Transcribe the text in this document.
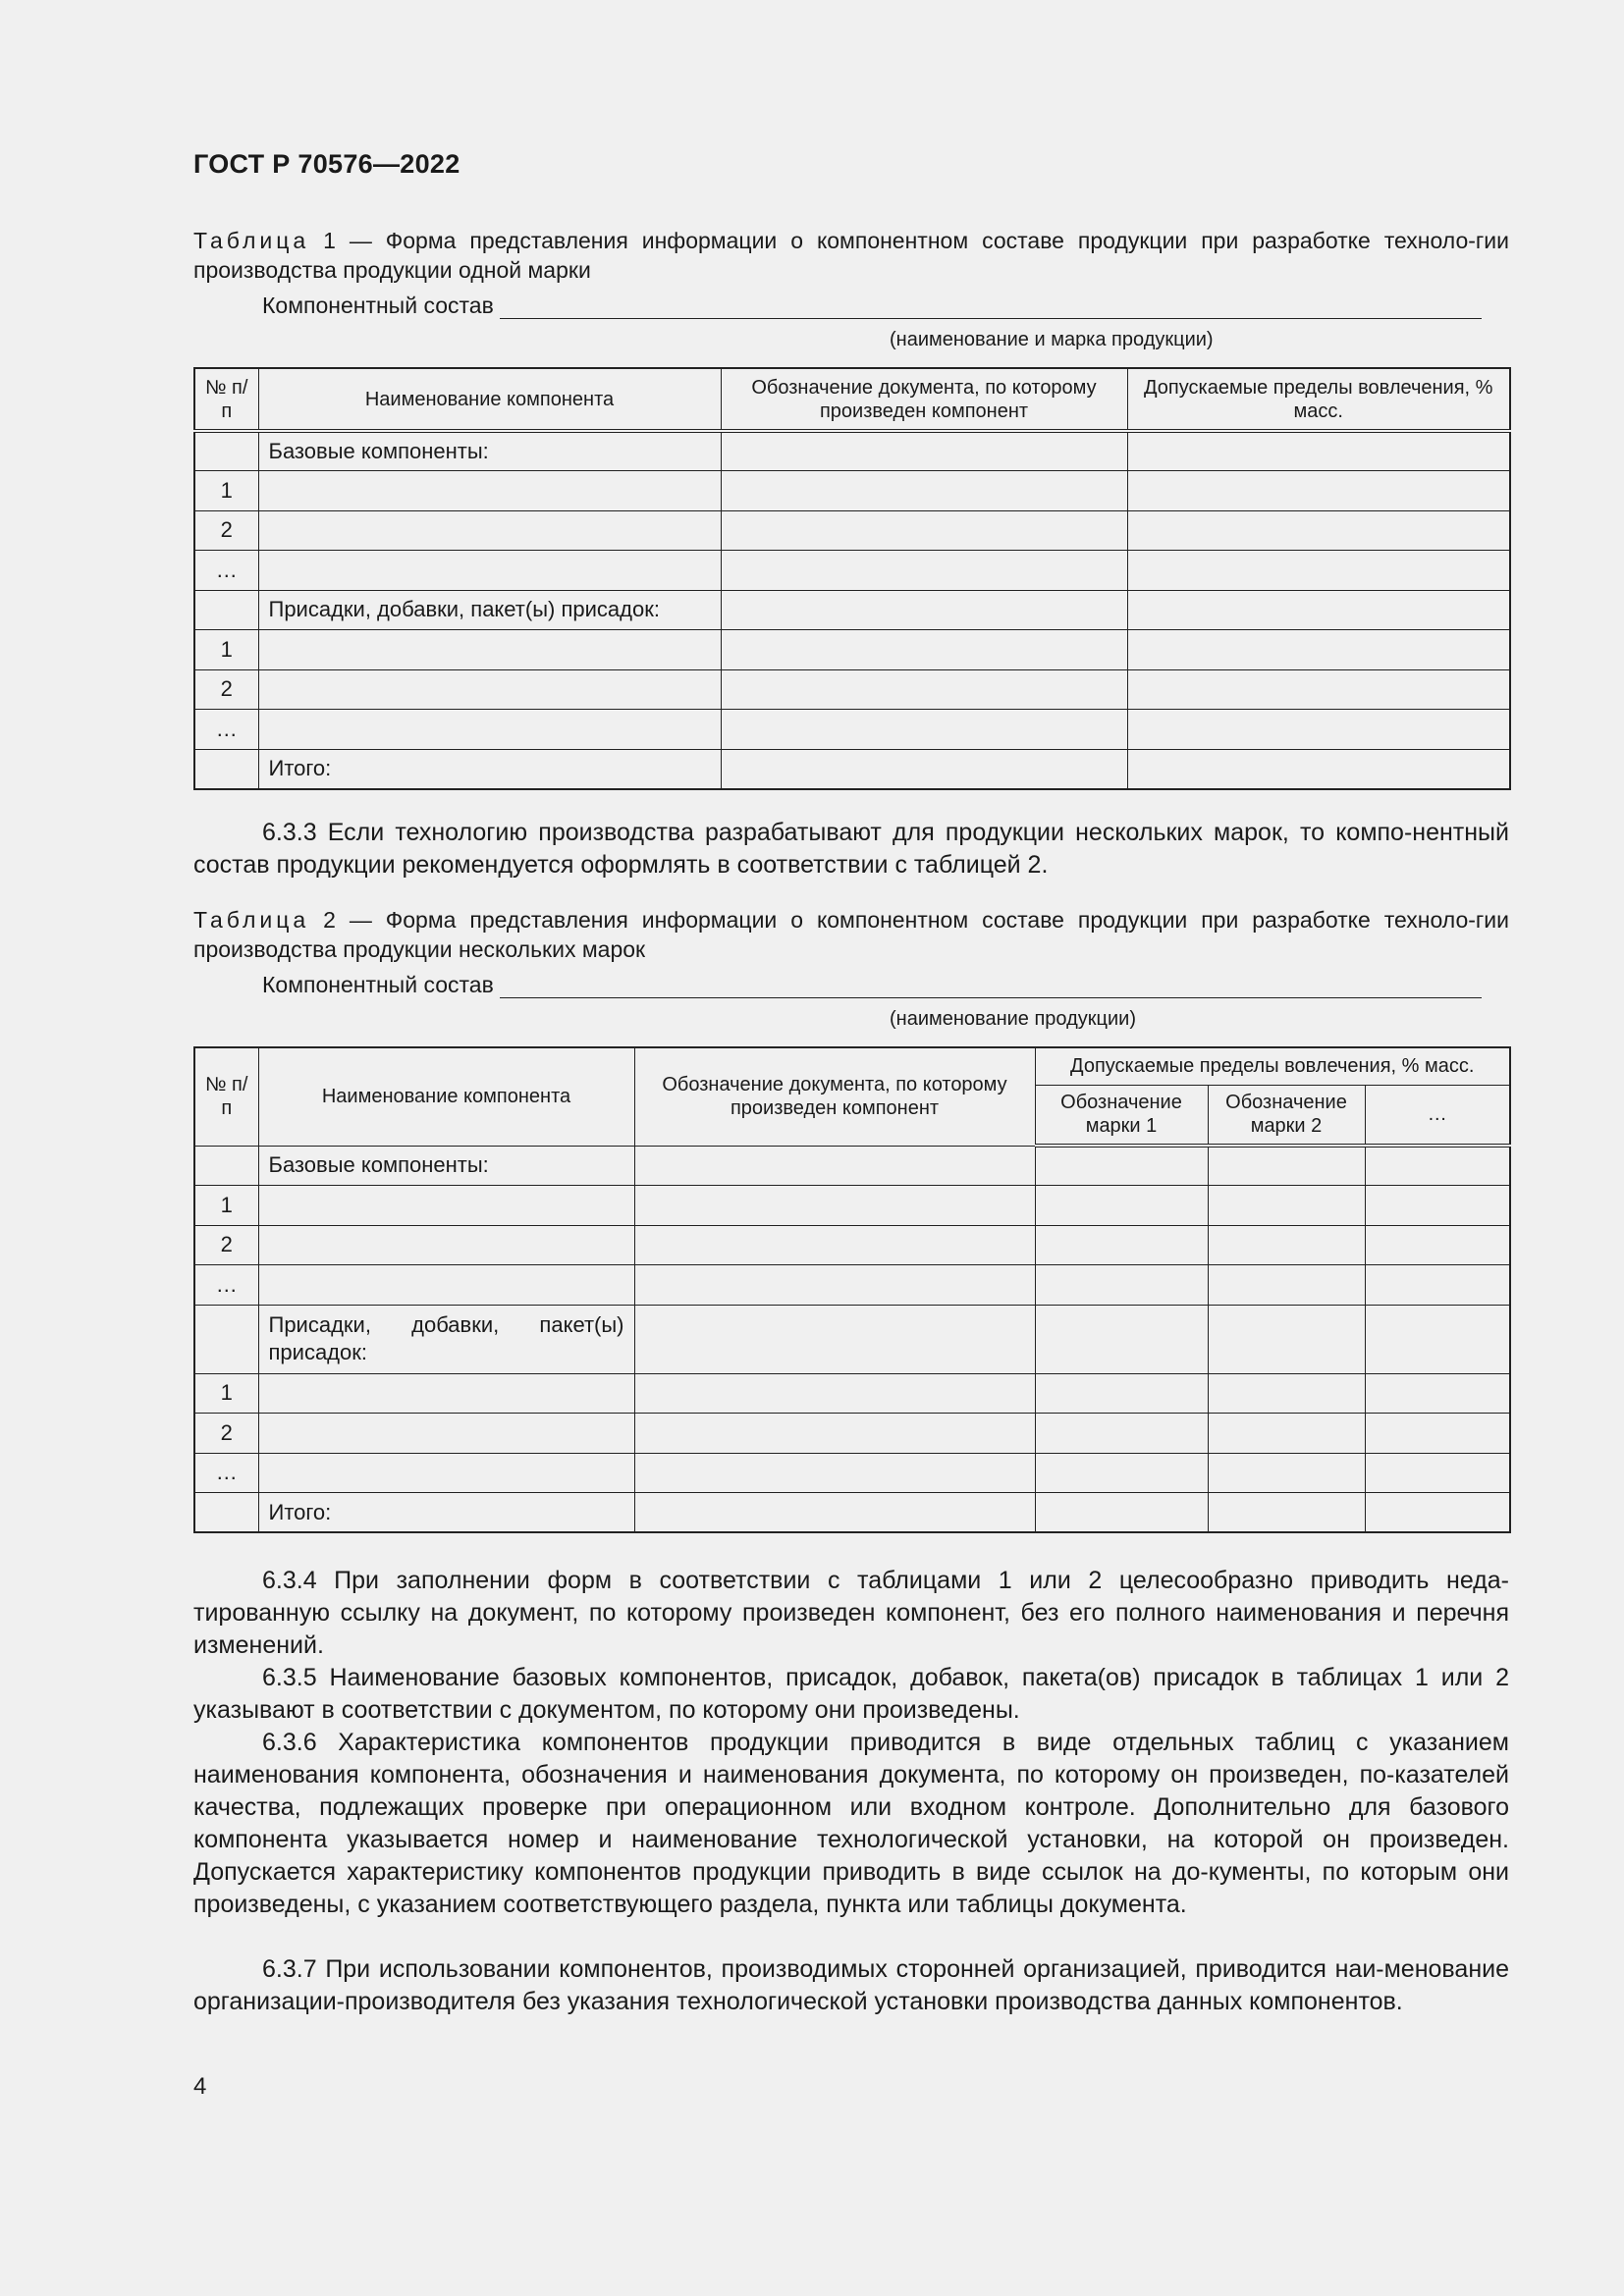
ГОСТ Р 70576—2022
Таблица 1 — Форма представления информации о компонентном составе продукции при разработке техноло-гии производства продукции одной марки
Компонентный состав
(наименование и марка продукции)
№ п/п	Наименование компонента	Обозначение документа, по которому произведен компонент	Допускаемые пределы вовлечения, % масс.
	Базовые компоненты:		
1			
2			
…			
	Присадки, добавки, пакет(ы) присадок:		
1			
2			
…			
	Итого:		
6.3.3 Если технологию производства разрабатывают для продукции нескольких марок, то компо-нентный состав продукции рекомендуется оформлять в соответствии с таблицей 2.
Таблица 2 — Форма представления информации о компонентном составе продукции при разработке техноло-гии производства продукции нескольких марок
Компонентный состав
(наименование продукции)
№ п/п	Наименование компонента	Обозначение документа, по которому произведен компонент	Допускаемые пределы вовлечения, % масс.		
			Обозначение марки 1	Обозначение марки 2	…
	Базовые компоненты:				
1					
2					
…					
	Присадки, добавки, пакет(ы) присадок:				
1					
2					
…					
	Итого:				
6.3.4 При заполнении форм в соответствии с таблицами 1 или 2 целесообразно приводить неда-тированную ссылку на документ, по которому произведен компонент, без его полного наименования и перечня изменений.
6.3.5 Наименование базовых компонентов, присадок, добавок, пакета(ов) присадок в таблицах 1 или 2 указывают в соответствии с документом, по которому они произведены.
6.3.6 Характеристика компонентов продукции приводится в виде отдельных таблиц с указанием наименования компонента, обозначения и наименования документа, по которому он произведен, по-казателей качества, подлежащих проверке при операционном или входном контроле. Дополнительно для базового компонента указывается номер и наименование технологической установки, на которой он произведен. Допускается характеристику компонентов продукции приводить в виде ссылок на до-кументы, по которым они произведены, с указанием соответствующего раздела, пункта или таблицы документа.
6.3.7 При использовании компонентов, производимых сторонней организацией, приводится наи-менование организации-производителя без указания технологической установки производства данных компонентов.
4
